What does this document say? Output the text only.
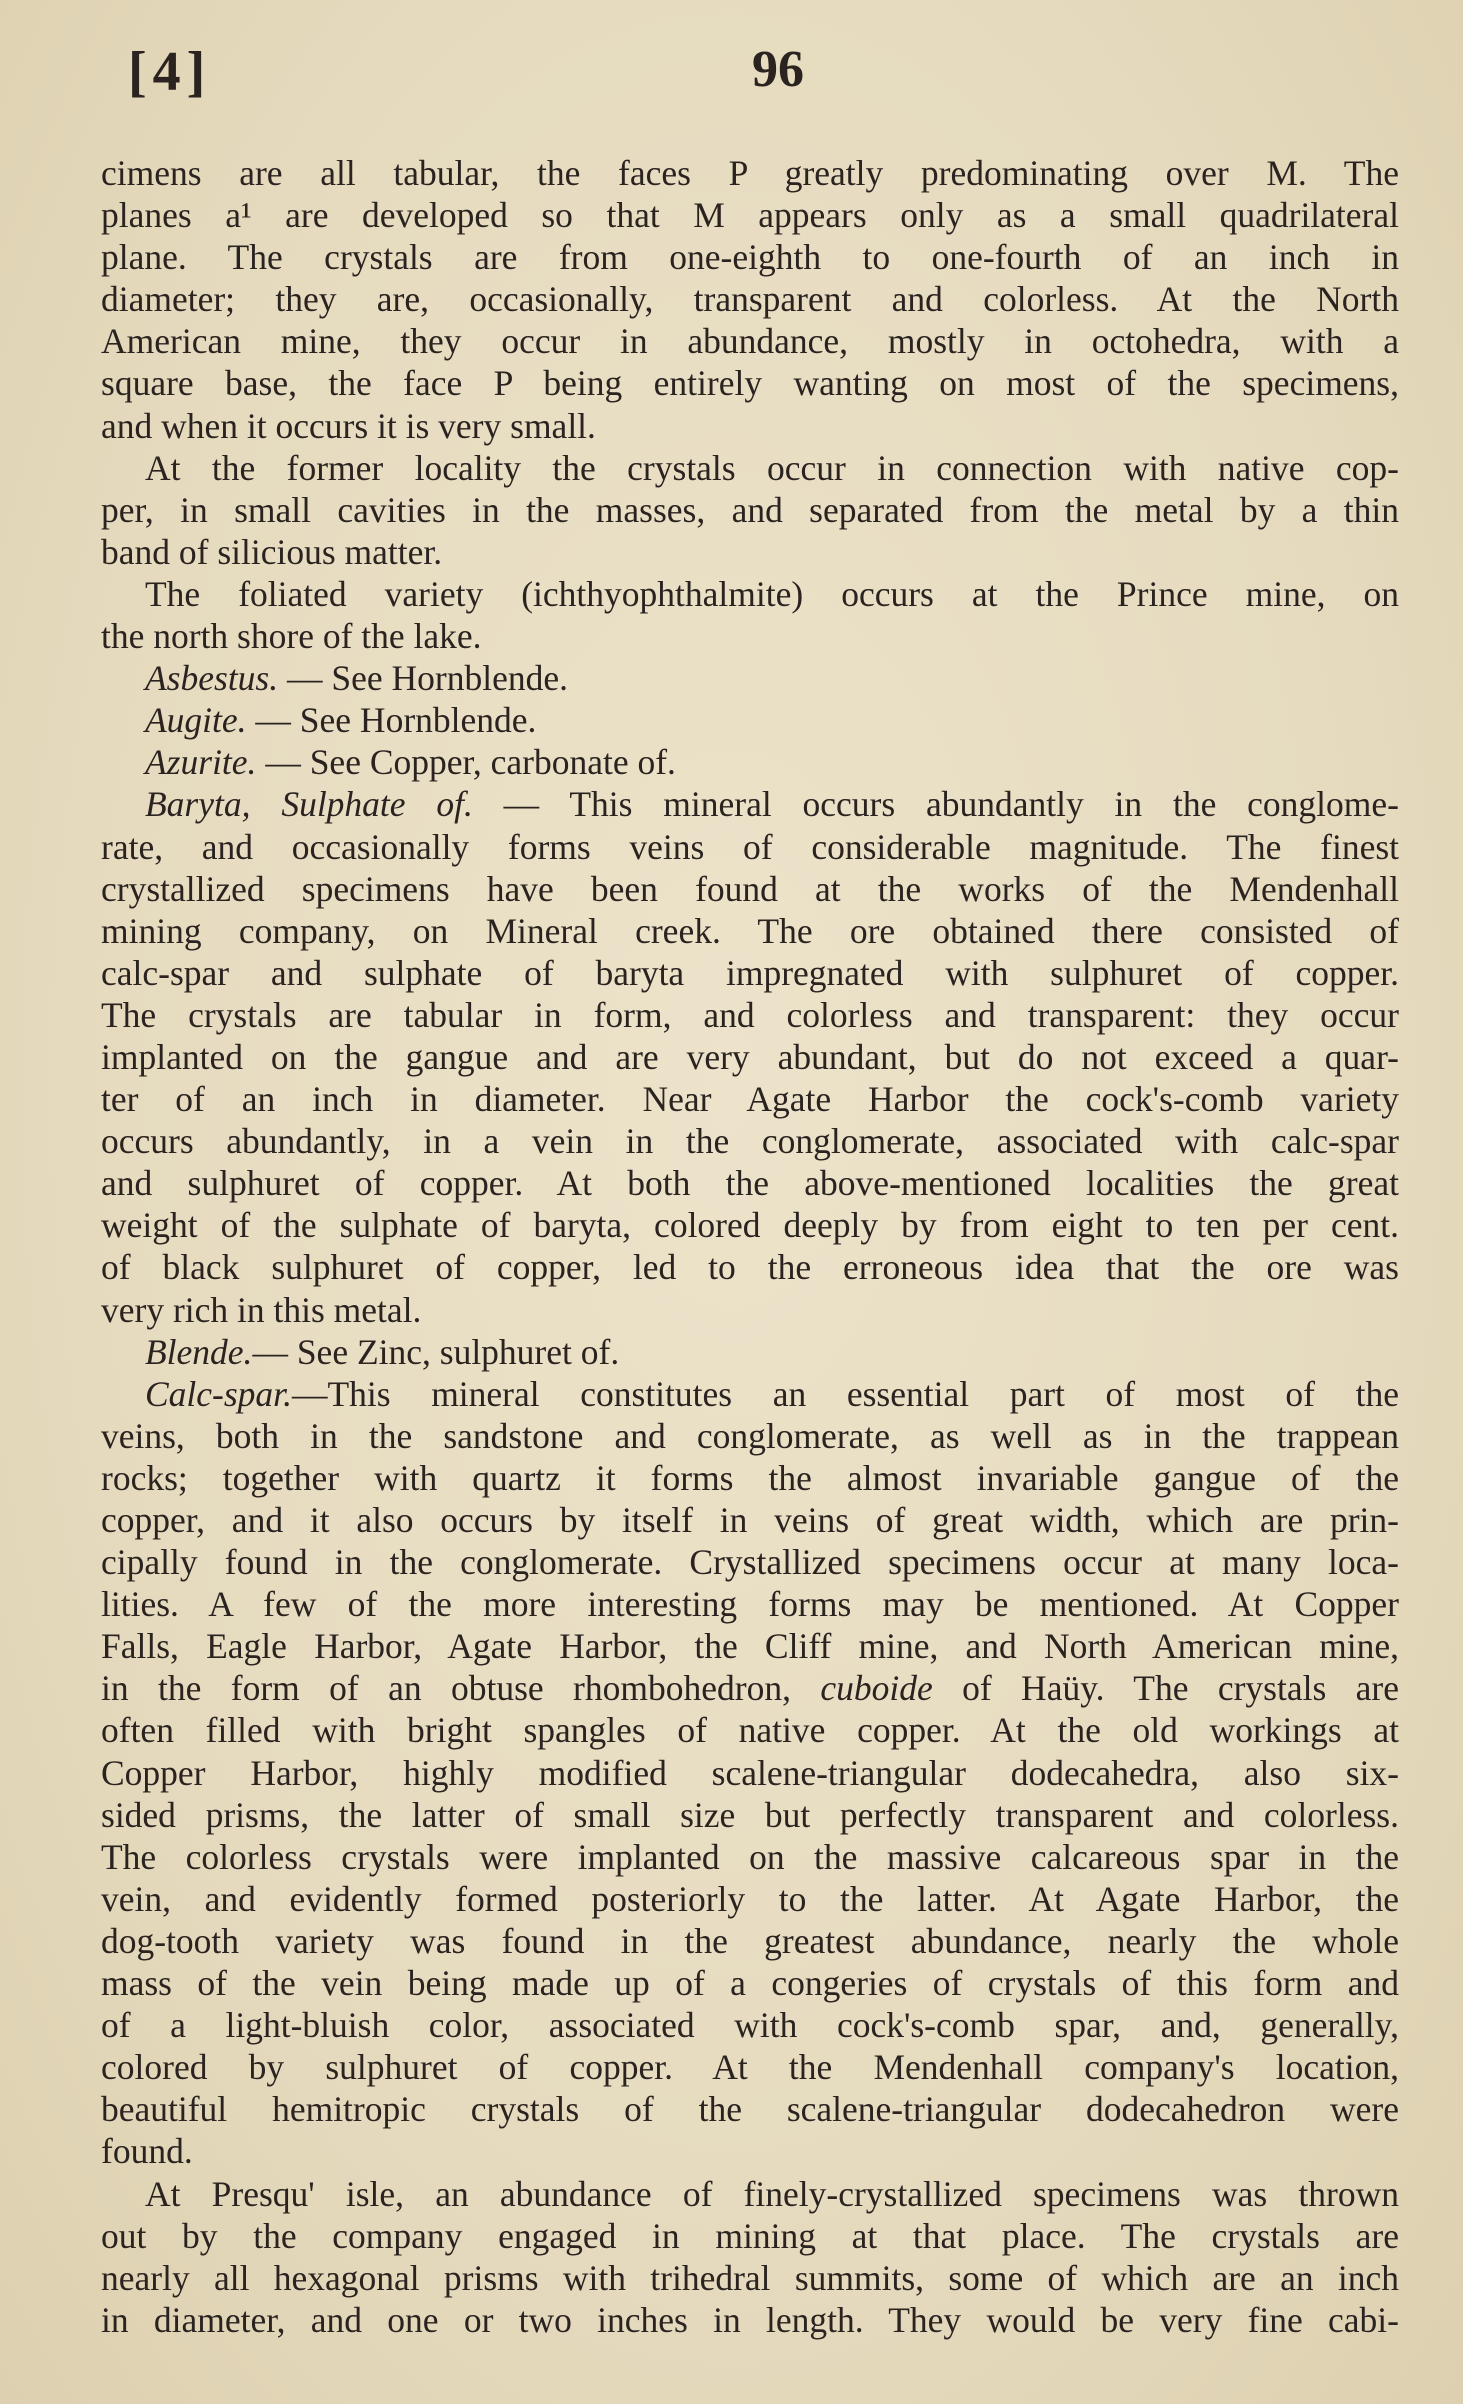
[4]	96
cimens are all tabular, the faces P greatly predominating over M. The
planes a¹ are developed so that M appears only as a small quadrilateral
plane. The crystals are from one-eighth to one-fourth of an inch in
diameter; they are, occasionally, transparent and colorless. At the North
American mine, they occur in abundance, mostly in octohedra, with a
square base, the face P being entirely wanting on most of the specimens,
and when it occurs it is very small.
At the former locality the crystals occur in connection with native cop-
per, in small cavities in the masses, and separated from the metal by a thin
band of silicious matter.
The foliated variety (ichthyophthalmite) occurs at the Prince mine, on
the north shore of the lake.
Asbestus. — See Hornblende.
Augite. — See Hornblende.
Azurite. — See Copper, carbonate of.
Baryta, Sulphate of. — This mineral occurs abundantly in the conglome-
rate, and occasionally forms veins of considerable magnitude. The finest
crystallized specimens have been found at the works of the Mendenhall
mining company, on Mineral creek. The ore obtained there consisted of
calc-spar and sulphate of baryta impregnated with sulphuret of copper.
The crystals are tabular in form, and colorless and transparent: they occur
implanted on the gangue and are very abundant, but do not exceed a quar-
ter of an inch in diameter. Near Agate Harbor the cock's-comb variety
occurs abundantly, in a vein in the conglomerate, associated with calc-spar
and sulphuret of copper. At both the above-mentioned localities the great
weight of the sulphate of baryta, colored deeply by from eight to ten per cent.
of black sulphuret of copper, led to the erroneous idea that the ore was
very rich in this metal.
Blende.— See Zinc, sulphuret of.
Calc-spar.—This mineral constitutes an essential part of most of the
veins, both in the sandstone and conglomerate, as well as in the trappean
rocks; together with quartz it forms the almost invariable gangue of the
copper, and it also occurs by itself in veins of great width, which are prin-
cipally found in the conglomerate. Crystallized specimens occur at many loca-
lities. A few of the more interesting forms may be mentioned. At Copper
Falls, Eagle Harbor, Agate Harbor, the Cliff mine, and North American mine,
in the form of an obtuse rhombohedron, cuboide of Haüy. The crystals are
often filled with bright spangles of native copper. At the old workings at
Copper Harbor, highly modified scalene-triangular dodecahedra, also six-
sided prisms, the latter of small size but perfectly transparent and colorless.
The colorless crystals were implanted on the massive calcareous spar in the
vein, and evidently formed posteriorly to the latter. At Agate Harbor, the
dog-tooth variety was found in the greatest abundance, nearly the whole
mass of the vein being made up of a congeries of crystals of this form and
of a light-bluish color, associated with cock's-comb spar, and, generally,
colored by sulphuret of copper. At the Mendenhall company's location,
beautiful hemitropic crystals of the scalene-triangular dodecahedron were
found.
At Presqu' isle, an abundance of finely-crystallized specimens was thrown
out by the company engaged in mining at that place. The crystals are
nearly all hexagonal prisms with trihedral summits, some of which are an inch
in diameter, and one or two inches in length. They would be very fine cabi-
